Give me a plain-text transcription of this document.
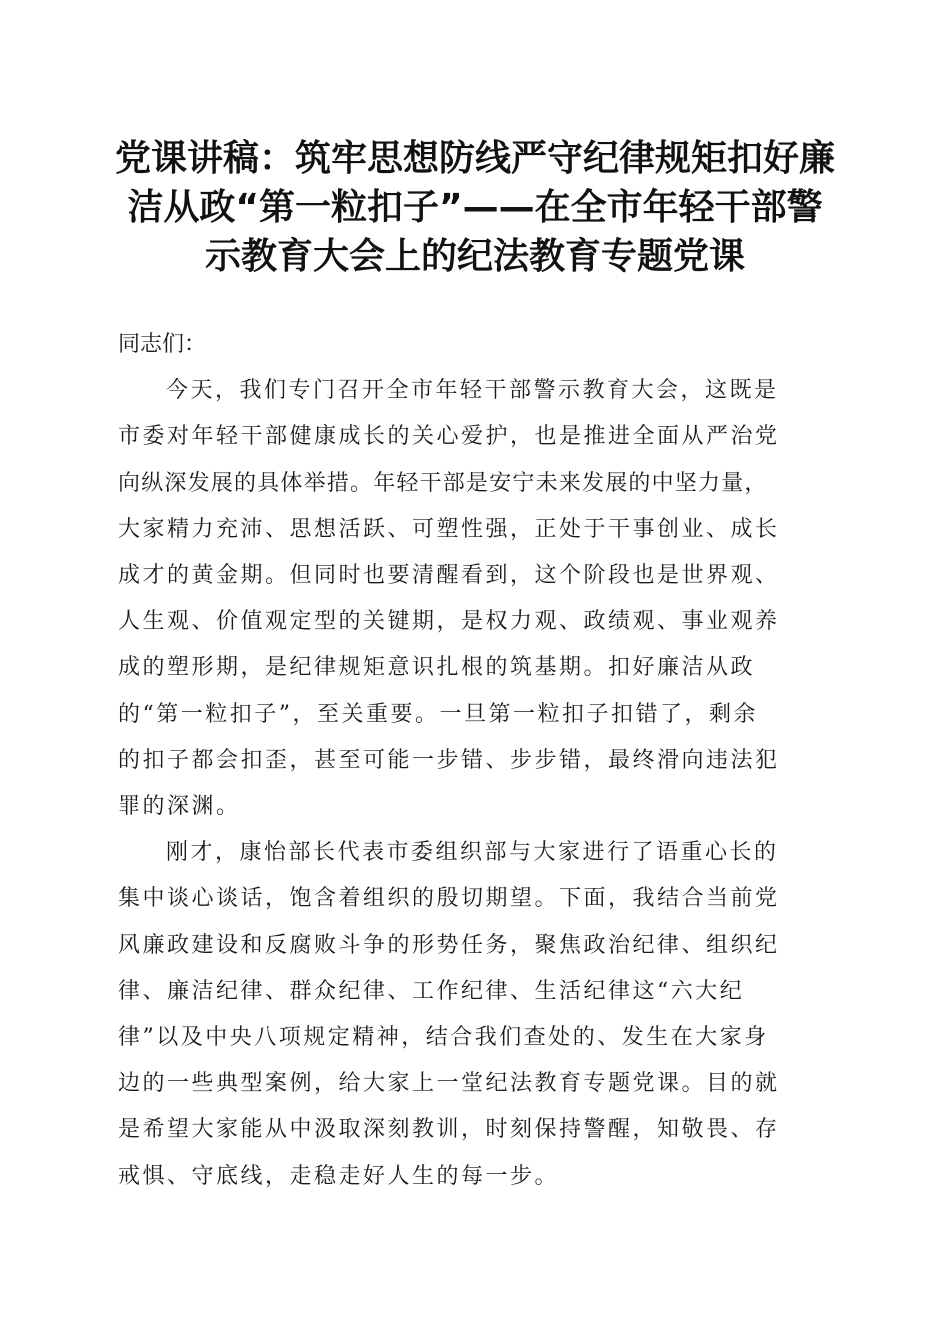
党课讲稿：筑牢思想防线严守纪律规矩扣好廉
洁从政“第一粒扣子”——在全市年轻干部警
示教育大会上的纪法教育专题党课

同志们：

今天，我们专门召开全市年轻干部警示教育大会，这既是
市委对年轻干部健康成长的关心爱护，也是推进全面从严治党
向纵深发展的具体举措。年轻干部是安宁未来发展的中坚力量，
大家精力充沛、思想活跃、可塑性强，正处于干事创业、成长
成才的黄金期。但同时也要清醒看到，这个阶段也是世界观、
人生观、价值观定型的关键期，是权力观、政绩观、事业观养
成的塑形期，是纪律规矩意识扎根的筑基期。扣好廉洁从政
的“第一粒扣子”，至关重要。一旦第一粒扣子扣错了，剩余
的扣子都会扣歪，甚至可能一步错、步步错，最终滑向违法犯
罪的深渊。

刚才，康怡部长代表市委组织部与大家进行了语重心长的
集中谈心谈话，饱含着组织的殷切期望。下面，我结合当前党
风廉政建设和反腐败斗争的形势任务，聚焦政治纪律、组织纪
律、廉洁纪律、群众纪律、工作纪律、生活纪律这“六大纪
律”以及中央八项规定精神，结合我们查处的、发生在大家身
边的一些典型案例，给大家上一堂纪法教育专题党课。目的就
是希望大家能从中汲取深刻教训，时刻保持警醒，知敬畏、存
戒惧、守底线，走稳走好人生的每一步。
